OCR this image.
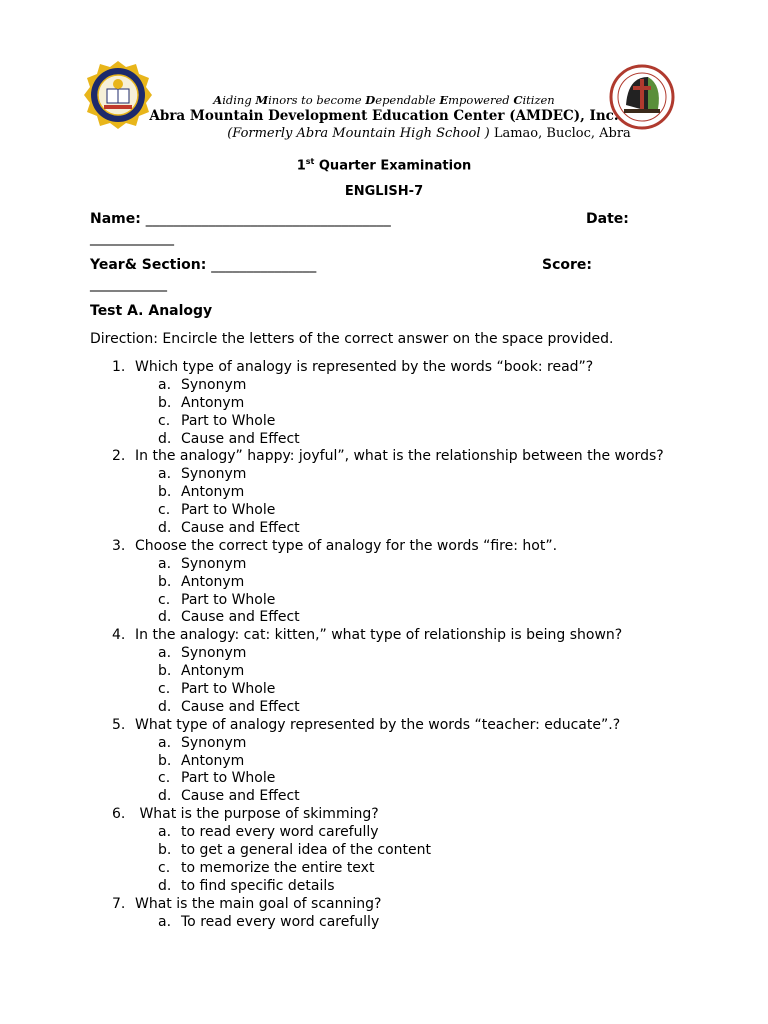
Aiding Minors to become Dependable Empowered Citizen
Abra Mountain Development Education Center (AMDEC), Inc.
(Formerly Abra Mountain High School ) Lamao, Bucloc, Abra
1st Quarter Examination
ENGLISH-7
Name: ___________________________________	Date:
____________
Year& Section: _______________	Score:
___________
Test A. Analogy
Direction: Encircle the letters of the correct answer on the space provided.
1. Which type of analogy is represented by the words “book: read”?
a. Synonym
b. Antonym
c. Part to Whole
d. Cause and Effect
2. In the analogy” happy: joyful”, what is the relationship between the words?
a. Synonym
b. Antonym
c. Part to Whole
d. Cause and Effect
3. Choose the correct type of analogy for the words “fire: hot”.
a. Synonym
b. Antonym
c. Part to Whole
d. Cause and Effect
4. In the analogy: cat: kitten,” what type of relationship is being shown?
a. Synonym
b. Antonym
c. Part to Whole
d. Cause and Effect
5. What type of analogy represented by the words “teacher: educate”.?
a. Synonym
b. Antonym
c. Part to Whole
d. Cause and Effect
6. What is the purpose of skimming?
a. to read every word carefully
b. to get a general idea of the content
c. to memorize the entire text
d. to find specific details
7. What is the main goal of scanning?
a. To read every word carefully
